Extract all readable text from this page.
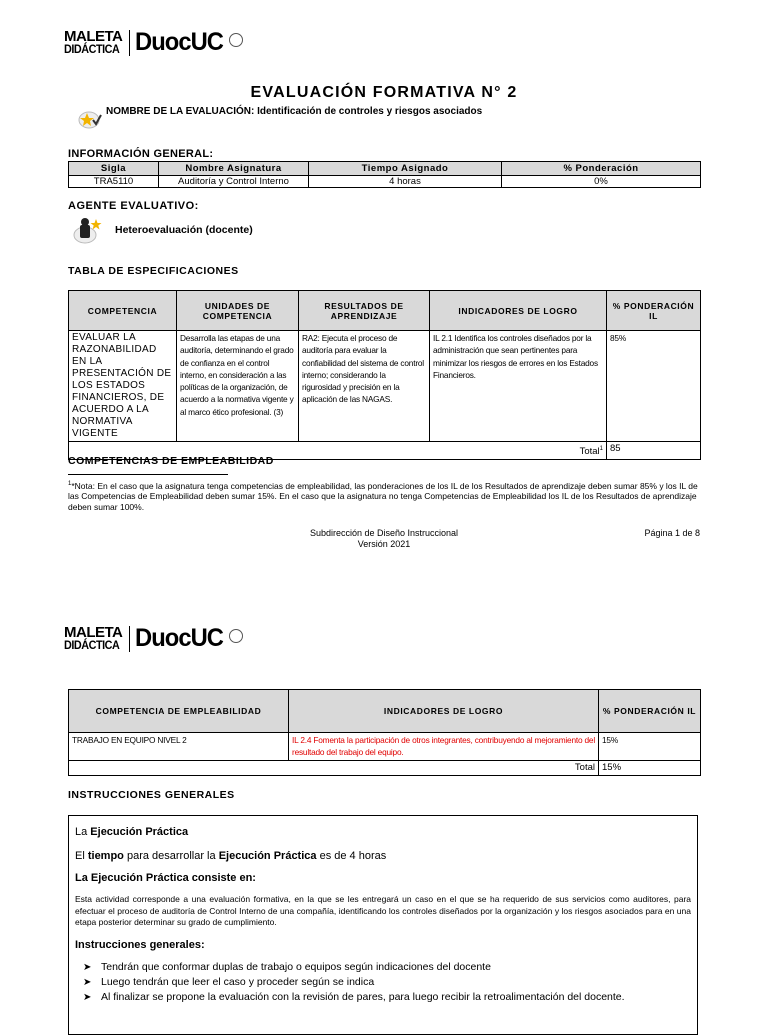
MALETA
DIDÁCTICA DuocUC
EVALUACIÓN FORMATIVA N° 2
NOMBRE DE LA EVALUACIÓN: Identificación de controles y riesgos asociados
INFORMACIÓN GENERAL:
Sigla	Nombre Asignatura	Tiempo Asignado	% Ponderación
TRA5110	Auditoría y Control Interno	4 horas	0%
AGENTE EVALUATIVO:
Heteroevaluación (docente)
TABLA DE ESPECIFICACIONES
COMPETENCIA	UNIDADES DE COMPETENCIA	RESULTADOS DE APRENDIZAJE	INDICADORES DE LOGRO	% PONDERACIÓN IL
EVALUAR LA RAZONABILIDAD EN LA PRESENTACIÓN DE LOS ESTADOS FINANCIEROS, DE ACUERDO A LA NORMATIVA VIGENTE	Desarrolla las etapas de una auditoría, determinando el grado de confianza en el control interno, en consideración a las políticas de la organización, de acuerdo a la normativa vigente y al marco ético profesional. (3)	RA2: Ejecuta el proceso de auditoría para evaluar la confiabilidad del sistema de control interno; considerando la rigurosidad y precisión en la aplicación de las NAGAS.	IL 2.1 Identifica los controles diseñados por la administración que sean pertinentes para minimizar los riesgos de errores en los Estados Financieros.	85%
Total$^1$				85
COMPETENCIAS DE EMPLEABILIDAD
$^1$*Nota: En el caso que la asignatura tenga competencias de empleabilidad, las ponderaciones de los IL de los Resultados de aprendizaje deben sumar 85% y los IL de las Competencias de Empleabilidad deben sumar 15%. En el caso que la asignatura no tenga Competencias de Empleabilidad los IL de los Resultados de aprendizaje deben sumar 100%.
Subdirección de Diseño Instruccional
Versión 2021
Página 1 de 8
MALETA
DIDÁCTICA DuocUC
COMPETENCIA DE EMPLEABILIDAD	INDICADORES DE LOGRO	% PONDERACIÓN IL
TRABAJO EN EQUIPO NIVEL 2	IL 2.4 Fomenta la participación de otros integrantes, contribuyendo al mejoramiento del resultado del trabajo del equipo.	15%
Total		15%
INSTRUCCIONES GENERALES

La Ejecución Práctica

El tiempo para desarrollar la Ejecución Práctica es de 4 horas

La Ejecución Práctica consiste en:

Esta actividad corresponde a una evaluación formativa, en la que se les entregará un caso en el que se ha requerido de sus servicios como auditores, para efectuar el proceso de auditoría de Control Interno de una compañía, identificando los controles diseñados por la organización y los riesgos asociados para en una etapa posterior determinar su grado de cumplimiento.

Instrucciones generales:

➤ Tendrán que conformar duplas de trabajo o equipos según indicaciones del docente
➤ Luego tendrán que leer el caso y proceder según se indica
➤ Al finalizar se propone la evaluación con la revisión de pares, para luego recibir la retroalimentación del docente.
